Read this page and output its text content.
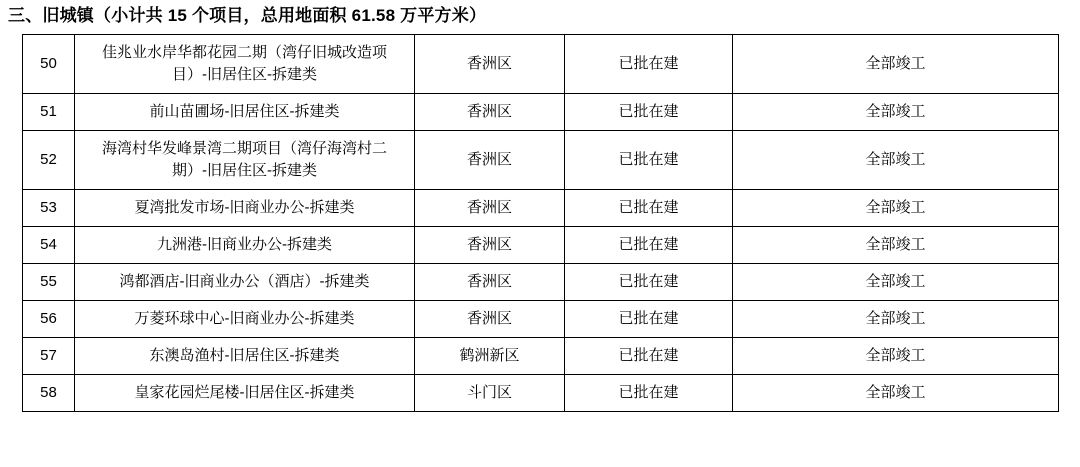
三、旧城镇（小计共 15 个项目，总用地面积 61.58 万平方米）
50	佳兆业水岸华都花园二期（湾仔旧城改造项
目）-旧居住区-拆建类	香洲区	已批在建	全部竣工
51	前山苗圃场-旧居住区-拆建类	香洲区	已批在建	全部竣工
52	海湾村华发峰景湾二期项目（湾仔海湾村二
期）-旧居住区-拆建类	香洲区	已批在建	全部竣工
53	夏湾批发市场-旧商业办公-拆建类	香洲区	已批在建	全部竣工
54	九洲港-旧商业办公-拆建类	香洲区	已批在建	全部竣工
55	鸿都酒店-旧商业办公（酒店）-拆建类	香洲区	已批在建	全部竣工
56	万菱环球中心-旧商业办公-拆建类	香洲区	已批在建	全部竣工
57	东澳岛渔村-旧居住区-拆建类	鹤洲新区	已批在建	全部竣工
58	皇家花园烂尾楼-旧居住区-拆建类	斗门区	已批在建	全部竣工
